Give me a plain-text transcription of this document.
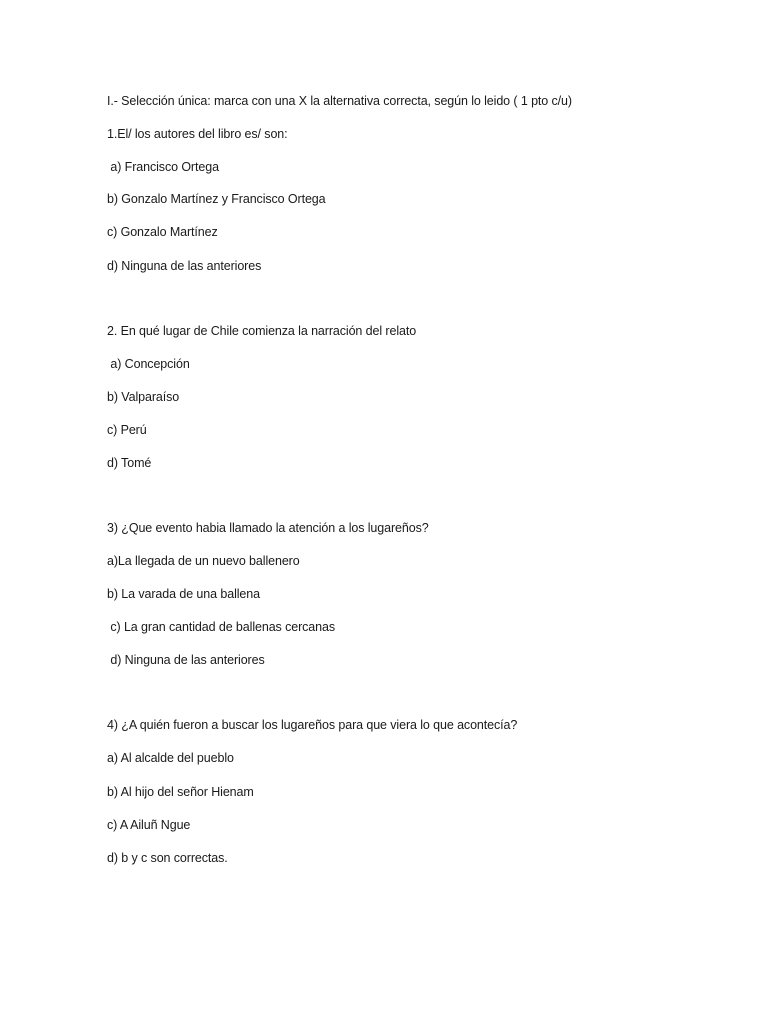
I.- Selección única: marca con una X la alternativa correcta, según lo leido ( 1 pto c/u)
1.El/ los autores del libro es/ son:
a) Francisco Ortega
b) Gonzalo Martínez y Francisco Ortega
c) Gonzalo Martínez
d) Ninguna de las anteriores
2. En qué lugar de Chile comienza la narración del relato
a) Concepción
b) Valparaíso
c) Perú
d) Tomé
3) ¿Que evento habia llamado la atención a los lugareños?
a)La llegada de un nuevo ballenero
b) La varada de una ballena
c) La gran cantidad de ballenas cercanas
d) Ninguna de las anteriores
4) ¿A quién fueron a buscar los lugareños para que viera lo que acontecía?
a) Al alcalde del pueblo
b) Al hijo del señor Hienam
c) A Ailuñ Ngue
d) b y c son correctas.
